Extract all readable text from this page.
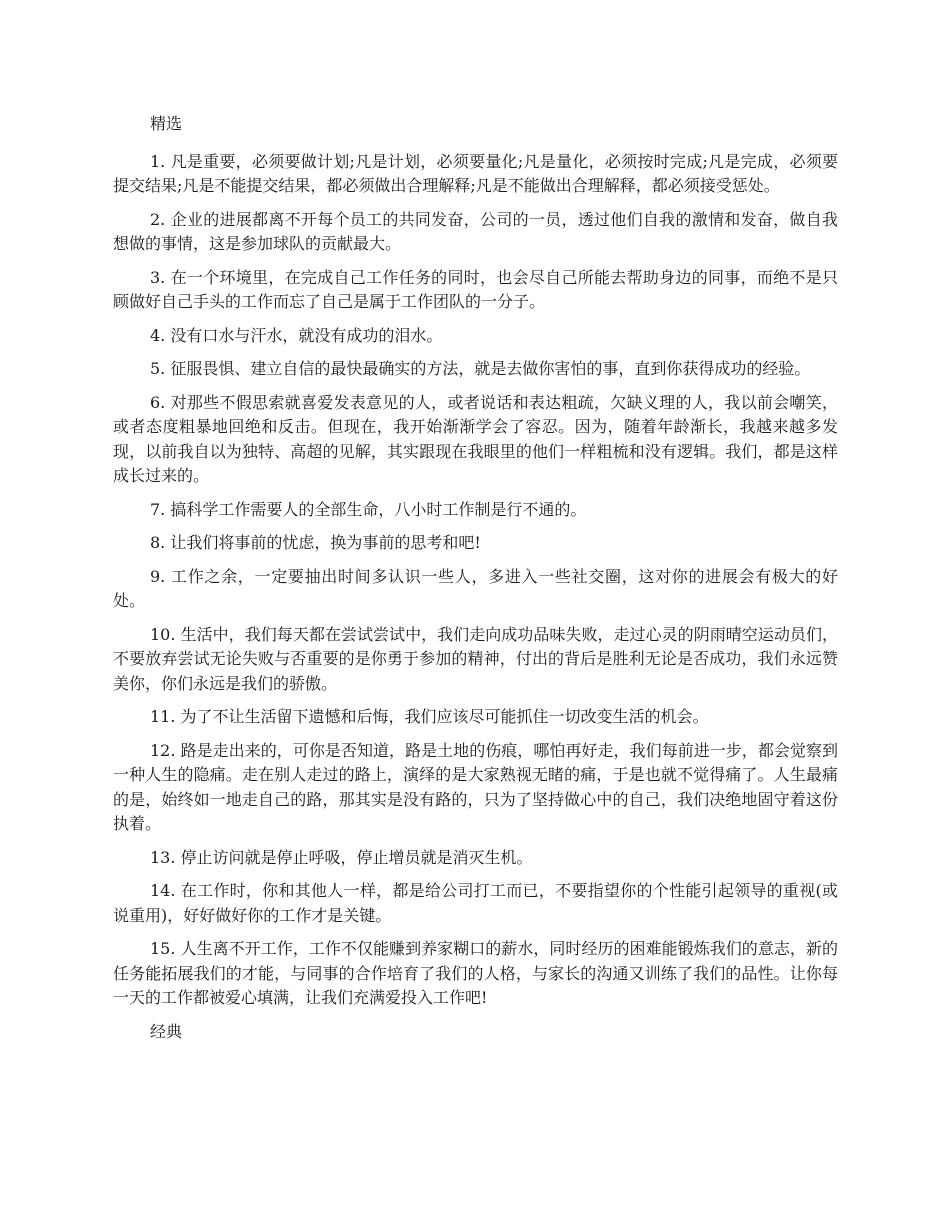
精选

1. 凡是重要，必须要做计划;凡是计划，必须要量化;凡是量化，必须按时完成;凡是完成，必须要提交结果;凡是不能提交结果，都必须做出合理解释;凡是不能做出合理解释，都必须接受惩处。

2. 企业的进展都离不开每个员工的共同发奋，公司的一员，透过他们自我的激情和发奋，做自我想做的事情，这是参加球队的贡献最大。

3. 在一个环境里，在完成自己工作任务的同时，也会尽自己所能去帮助身边的同事，而绝不是只顾做好自己手头的工作而忘了自己是属于工作团队的一分子。

4. 没有口水与汗水，就没有成功的泪水。

5. 征服畏惧、建立自信的最快最确实的方法，就是去做你害怕的事，直到你获得成功的经验。

6. 对那些不假思索就喜爱发表意见的人，或者说话和表达粗疏，欠缺义理的人，我以前会嘲笑，或者态度粗暴地回绝和反击。但现在，我开始渐渐学会了容忍。因为，随着年龄渐长，我越来越多发现，以前我自以为独特、高超的见解，其实跟现在我眼里的他们一样粗梳和没有逻辑。我们，都是这样成长过来的。

7. 搞科学工作需要人的全部生命，八小时工作制是行不通的。

8. 让我们将事前的忧虑，换为事前的思考和吧!

9. 工作之余，一定要抽出时间多认识一些人，多进入一些社交圈，这对你的进展会有极大的好处。

10. 生活中，我们每天都在尝试尝试中，我们走向成功品味失败，走过心灵的阴雨晴空运动员们，不要放弃尝试无论失败与否重要的是你勇于参加的精神，付出的背后是胜利无论是否成功，我们永远赞美你，你们永远是我们的骄傲。

11. 为了不让生活留下遗憾和后悔，我们应该尽可能抓住一切改变生活的机会。

12. 路是走出来的，可你是否知道，路是土地的伤痕，哪怕再好走，我们每前进一步，都会觉察到一种人生的隐痛。走在别人走过的路上，演绎的是大家熟视无睹的痛，于是也就不觉得痛了。人生最痛的是，始终如一地走自己的路，那其实是没有路的，只为了坚持做心中的自己，我们决绝地固守着这份执着。

13. 停止访问就是停止呼吸，停止增员就是消灭生机。

14. 在工作时，你和其他人一样，都是给公司打工而已，不要指望你的个性能引起领导的重视(或说重用)，好好做好你的工作才是关键。

15. 人生离不开工作，工作不仅能赚到养家糊口的薪水，同时经历的困难能锻炼我们的意志，新的任务能拓展我们的才能，与同事的合作培育了我们的人格，与家长的沟通又训练了我们的品性。让你每一天的工作都被爱心填满，让我们充满爱投入工作吧!

经典
